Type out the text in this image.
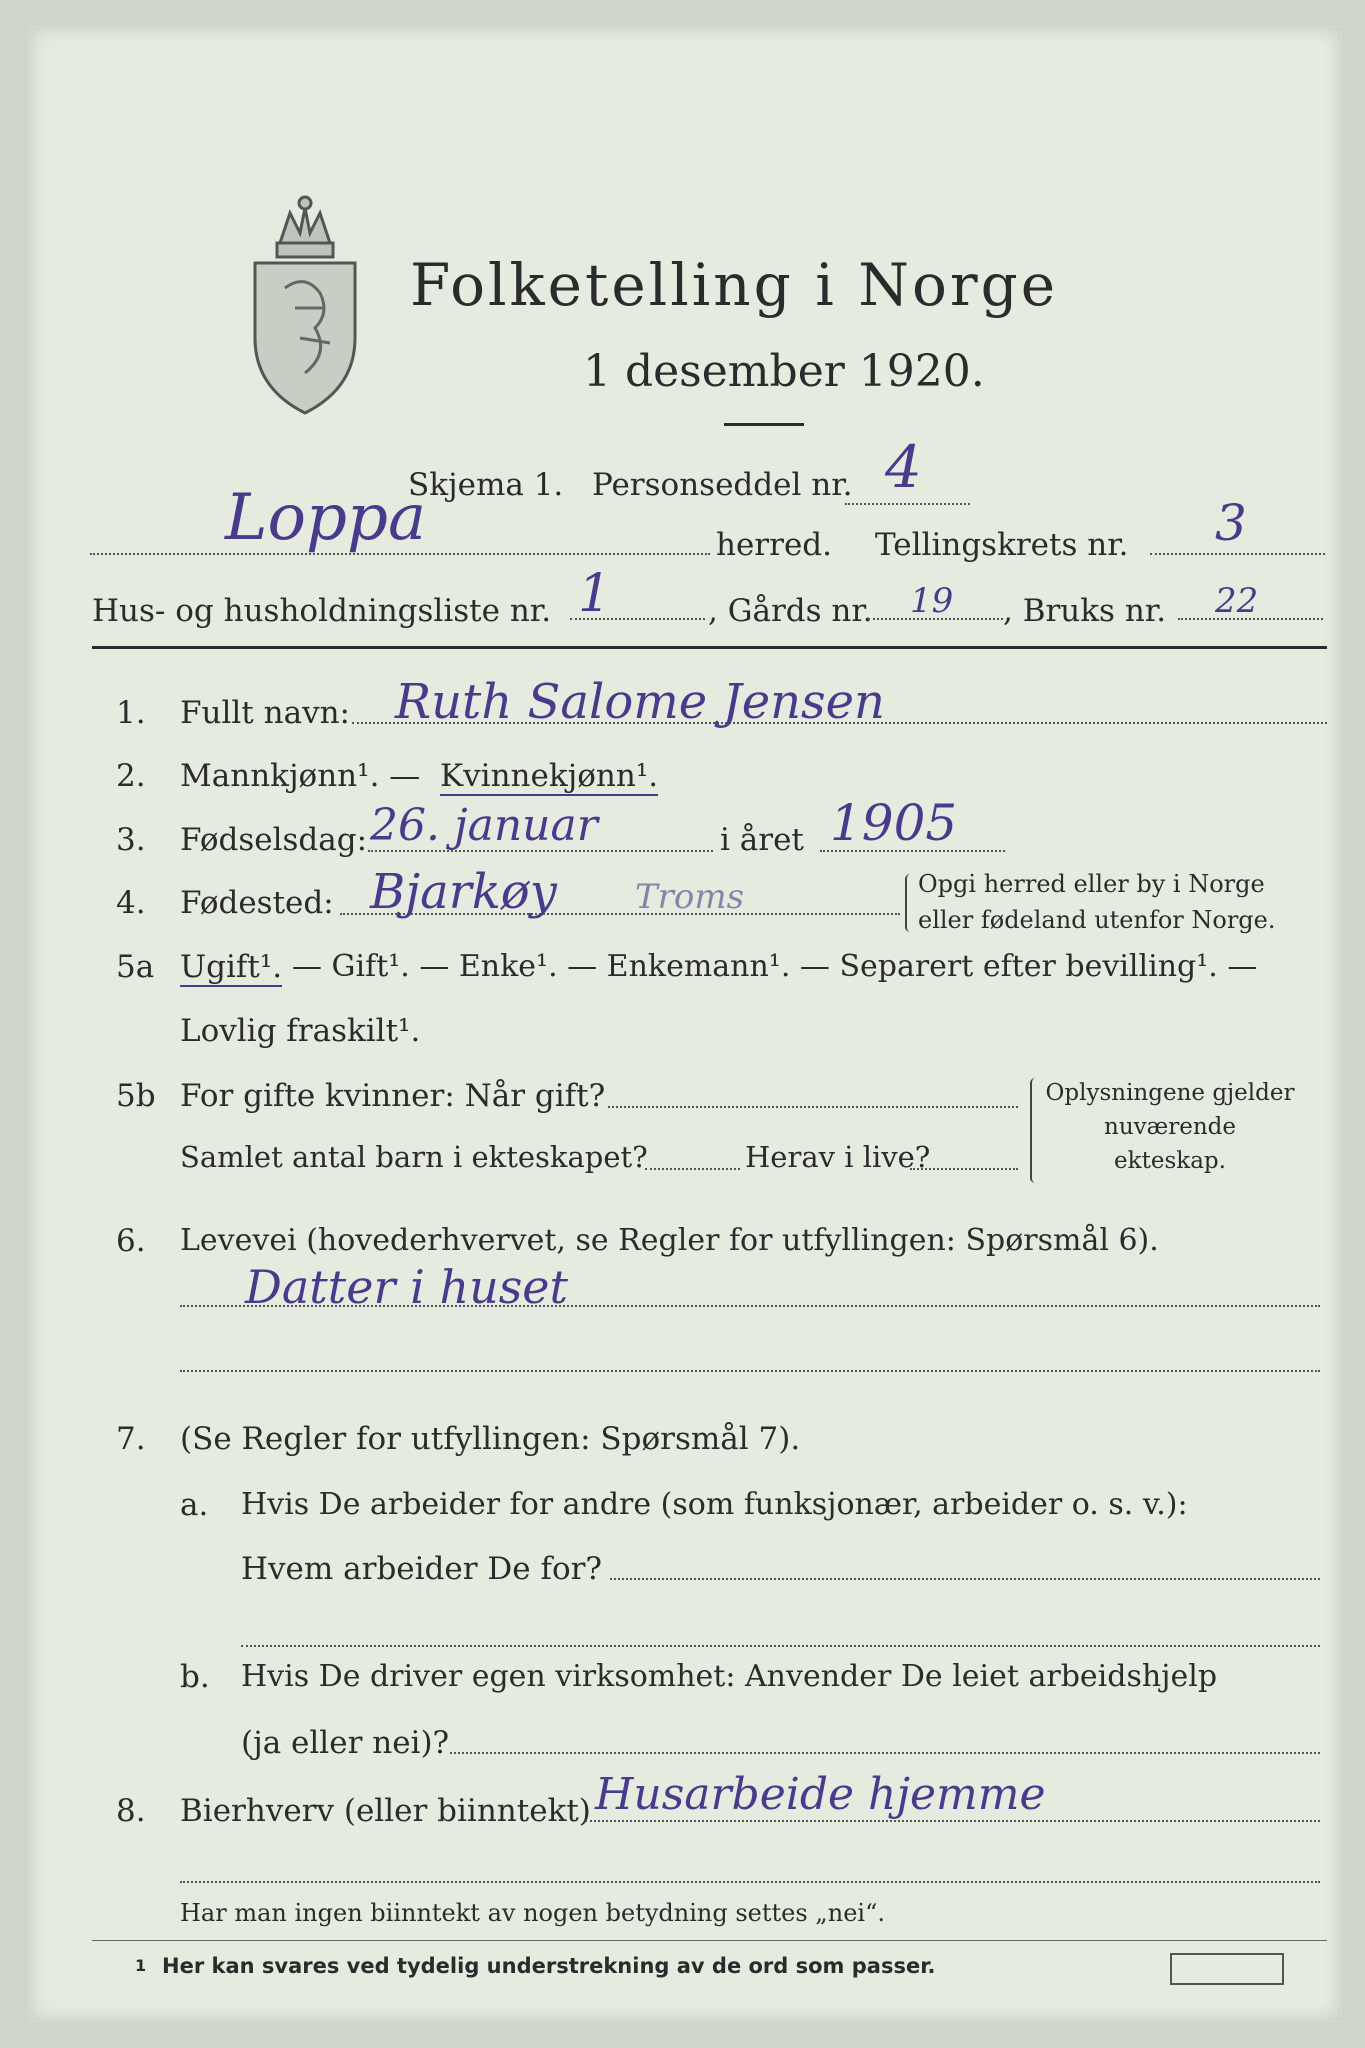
Folketelling i Norge
1 desember 1920.
Skjema 1. Personseddel nr. 4
Loppa	herred. Tellingskrets nr. 3
Hus- og husholdningsliste nr. 1	, Gårds nr. 19 , Bruks nr. 22
1. Fullt navn: Ruth Salome Jensen
2. Mannkjønn¹. — Kvinnekjønn¹.
3. Fødselsdag: 26. januar	i året 1905
4. Fødested: Bjarkøy Troms	Opgi herred eller by i Norge
eller fødeland utenfor Norge.
5a Ugift¹. — Gift¹. — Enke¹. — Enkemann¹. — Separert efter bevilling¹. —
Lovlig fraskilt¹.
5b For gifte kvinner: Når gift?
Samlet antal barn i ekteskapet?	Herav i live?
Oplysningene gjelder nuværende ekteskap.
6. Levevei (hovederhvervet, se Regler for utfyllingen: Spørsmål 6).
Datter i huset
7. (Se Regler for utfyllingen: Spørsmål 7).
a. Hvis De arbeider for andre (som funksjonær, arbeider o. s. v.):
Hvem arbeider De for?
b. Hvis De driver egen virksomhet: Anvender De leiet arbeidshjelp
(ja eller nei)?
8. Bierhverv (eller biinntekt) Husarbeide hjemme
Har man ingen biinntekt av nogen betydning settes „nei“.
1 Her kan svares ved tydelig understrekning av de ord som passer.
